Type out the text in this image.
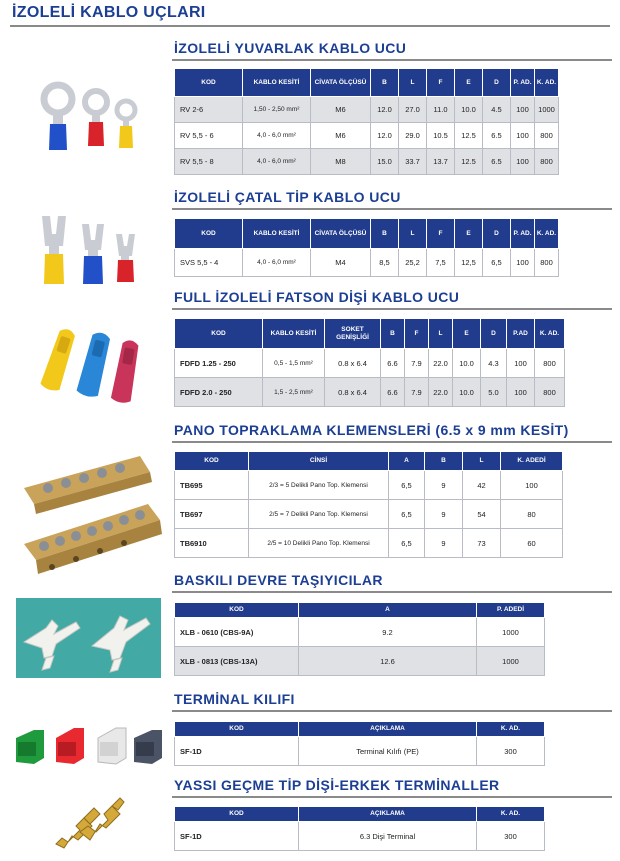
İZOLELİ KABLO UÇLARI
İZOLELİ YUVARLAK KABLO UCU
KOD	KABLO KESİTİ	CİVATA ÖLÇÜSÜ	B	L	F	E	D	P. AD.	K. AD.
RV 2-6	1,50 - 2,50 mm²	M6	12.0	27.0	11.0	10.0	4.5	100	1000
RV 5,5 - 6	4,0 - 6,0 mm²	M6	12.0	29.0	10.5	12.5	6.5	100	800
RV 5,5 - 8	4,0 - 6,0 mm²	M8	15.0	33.7	13.7	12.5	6.5	100	800
İZOLELİ ÇATAL TİP KABLO UCU
KOD	KABLO KESİTİ	CİVATA ÖLÇÜSÜ	B	L	F	E	D	P. AD.	K. AD.
SVS 5,5 - 4	4,0 - 6,0 mm²	M4	8,5	25,2	7,5	12,5	6,5	100	800
FULL İZOLELİ FATSON DİŞİ KABLO UCU
KOD	KABLO KESİTİ	SOKET GENİŞLİĞİ	B	F	L	E	D	P.AD	K. AD.
FDFD 1.25 - 250	0,5 - 1,5 mm²	0.8 x 6.4	6.6	7.9	22.0	10.0	4.3	100	800
FDFD 2.0 - 250	1,5 - 2,5 mm²	0.8 x 6.4	6.6	7.9	22.0	10.0	5.0	100	800
PANO TOPRAKLAMA KLEMENSLERİ (6.5 x 9 mm KESİT)
KOD	CİNSİ	A	B	L	K. ADEDİ
TB695	2/3 = 5 Delikli Pano Top. Klemensi	6,5	9	42	100
TB697	2/5 = 7 Delikli Pano Top. Klemensi	6,5	9	54	80
TB6910	2/5 = 10 Delikli Pano Top. Klemensi	6,5	9	73	60
BASKILI DEVRE TAŞIYICILAR
KOD	A	P. ADEDİ
XLB - 0610 (CBS-9A)	9.2	1000
XLB - 0813 (CBS-13A)	12.6	1000
TERMİNAL KILIFI
KOD	AÇIKLAMA	K. AD.
SF-1D	Terminal Kılıfı (PE)	300
YASSI GEÇME TİP DİŞİ-ERKEK TERMİNALLER
KOD	AÇIKLAMA	K. AD.
SF-1D	6.3 Dişi Terminal	300
